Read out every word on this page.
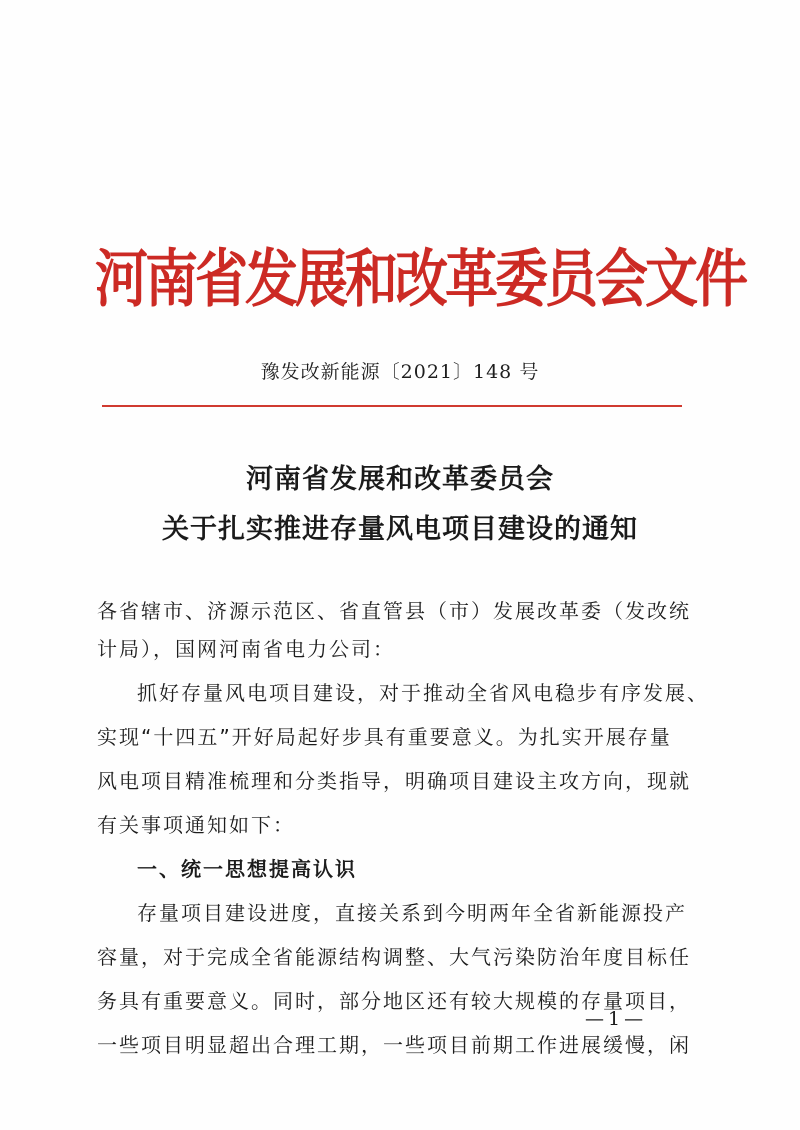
河南省发展和改革委员会文件
豫发改新能源〔2021〕148 号
河南省发展和改革委员会
关于扎实推进存量风电项目建设的通知
各省辖市、济源示范区、省直管县（市）发展改革委（发改统
计局），国网河南省电力公司：
抓好存量风电项目建设，对于推动全省风电稳步有序发展、
实现“十四五”开好局起好步具有重要意义。为扎实开展存量
风电项目精准梳理和分类指导，明确项目建设主攻方向，现就
有关事项通知如下：
一、统一思想提高认识
存量项目建设进度，直接关系到今明两年全省新能源投产
容量，对于完成全省能源结构调整、大气污染防治年度目标任
务具有重要意义。同时，部分地区还有较大规模的存量项目，
一些项目明显超出合理工期，一些项目前期工作进展缓慢，闲
—1—
